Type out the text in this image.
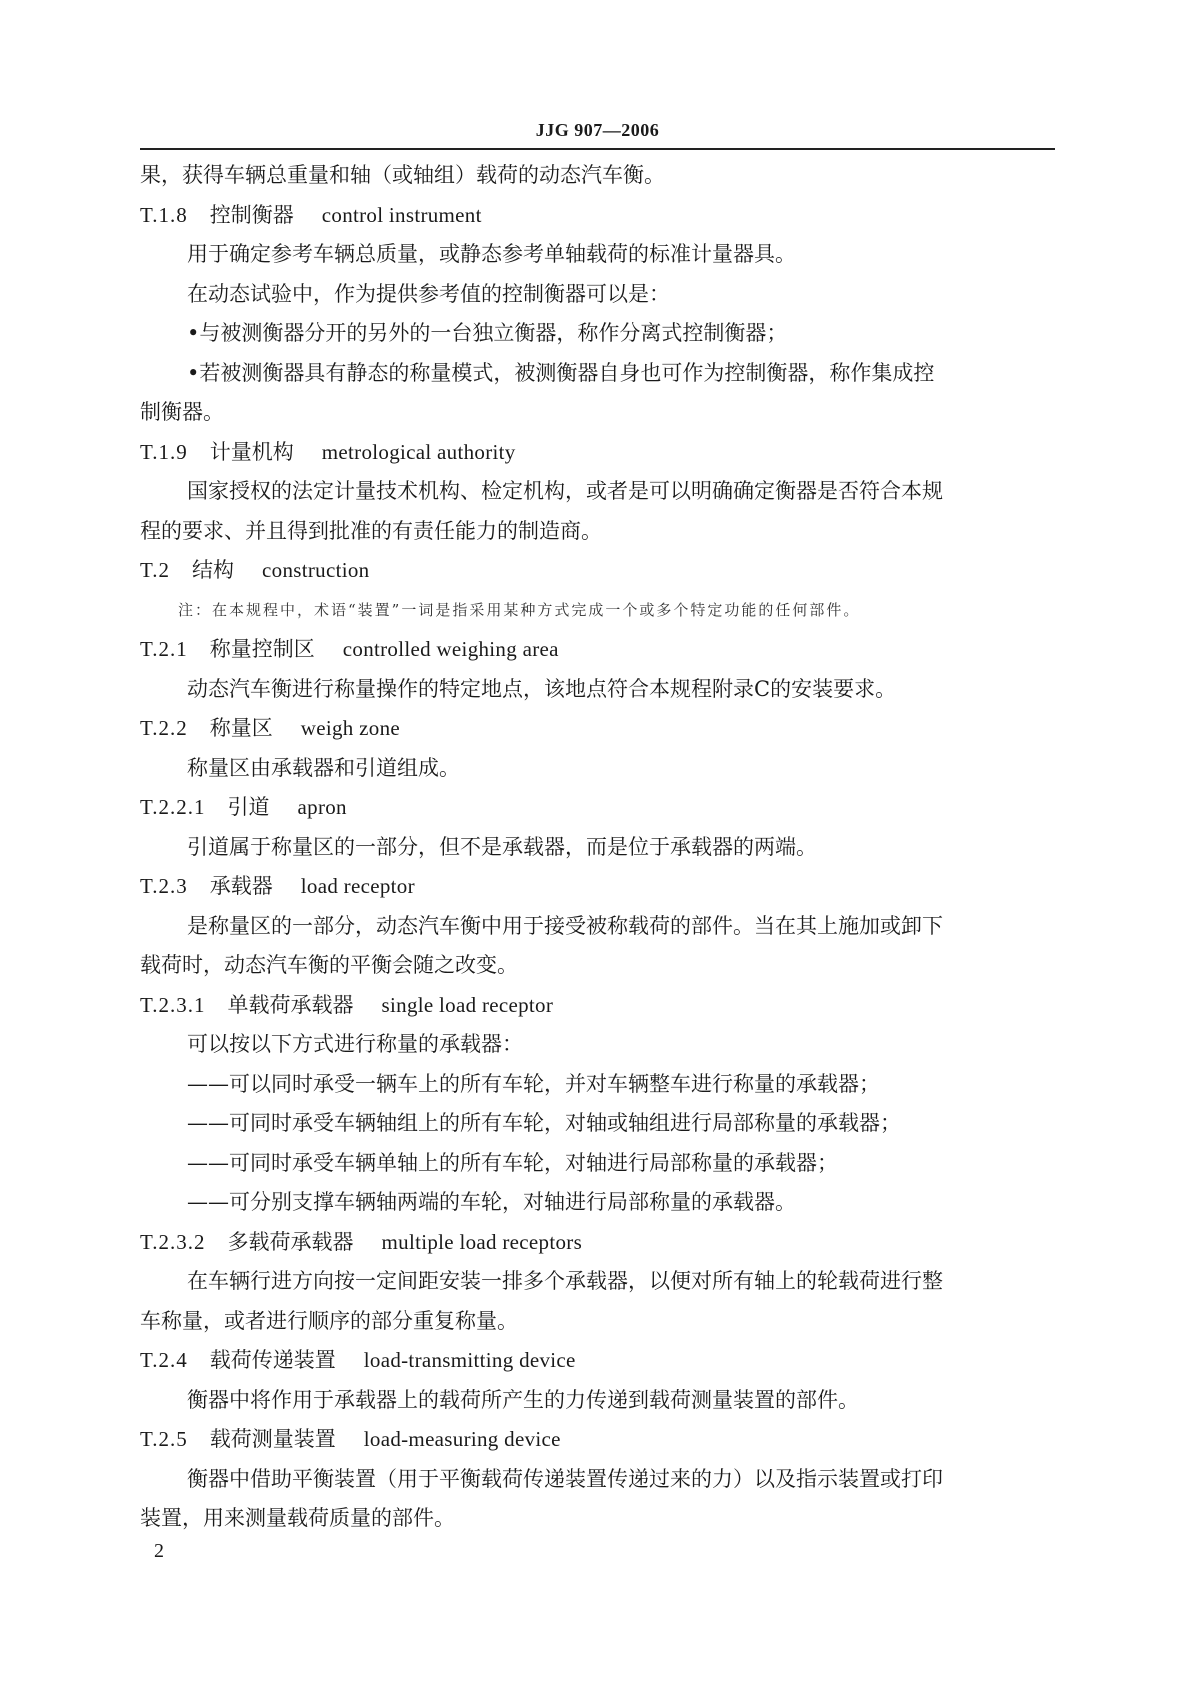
JJG 907—2006
果，获得车辆总重量和轴（或轴组）载荷的动态汽车衡。
T.1.8 控制衡器 control instrument
用于确定参考车辆总质量，或静态参考单轴载荷的标准计量器具。
在动态试验中，作为提供参考值的控制衡器可以是：
•与被测衡器分开的另外的一台独立衡器，称作分离式控制衡器；
•若被测衡器具有静态的称量模式，被测衡器自身也可作为控制衡器，称作集成控
制衡器。
T.1.9 计量机构 metrological authority
国家授权的法定计量技术机构、检定机构，或者是可以明确确定衡器是否符合本规
程的要求、并且得到批准的有责任能力的制造商。
T.2 结构 construction
注：在本规程中，术语“装置”一词是指采用某种方式完成一个或多个特定功能的任何部件。
T.2.1 称量控制区 controlled weighing area
动态汽车衡进行称量操作的特定地点，该地点符合本规程附录C的安装要求。
T.2.2 称量区 weigh zone
称量区由承载器和引道组成。
T.2.2.1 引道 apron
引道属于称量区的一部分，但不是承载器，而是位于承载器的两端。
T.2.3 承载器 load receptor
是称量区的一部分，动态汽车衡中用于接受被称载荷的部件。当在其上施加或卸下
载荷时，动态汽车衡的平衡会随之改变。
T.2.3.1 单载荷承载器 single load receptor
可以按以下方式进行称量的承载器：
——可以同时承受一辆车上的所有车轮，并对车辆整车进行称量的承载器；
——可同时承受车辆轴组上的所有车轮，对轴或轴组进行局部称量的承载器；
——可同时承受车辆单轴上的所有车轮，对轴进行局部称量的承载器；
——可分别支撑车辆轴两端的车轮，对轴进行局部称量的承载器。
T.2.3.2 多载荷承载器 multiple load receptors
在车辆行进方向按一定间距安装一排多个承载器，以便对所有轴上的轮载荷进行整
车称量，或者进行顺序的部分重复称量。
T.2.4 载荷传递装置 load-transmitting device
衡器中将作用于承载器上的载荷所产生的力传递到载荷测量装置的部件。
T.2.5 载荷测量装置 load-measuring device
衡器中借助平衡装置（用于平衡载荷传递装置传递过来的力）以及指示装置或打印
装置，用来测量载荷质量的部件。
2
